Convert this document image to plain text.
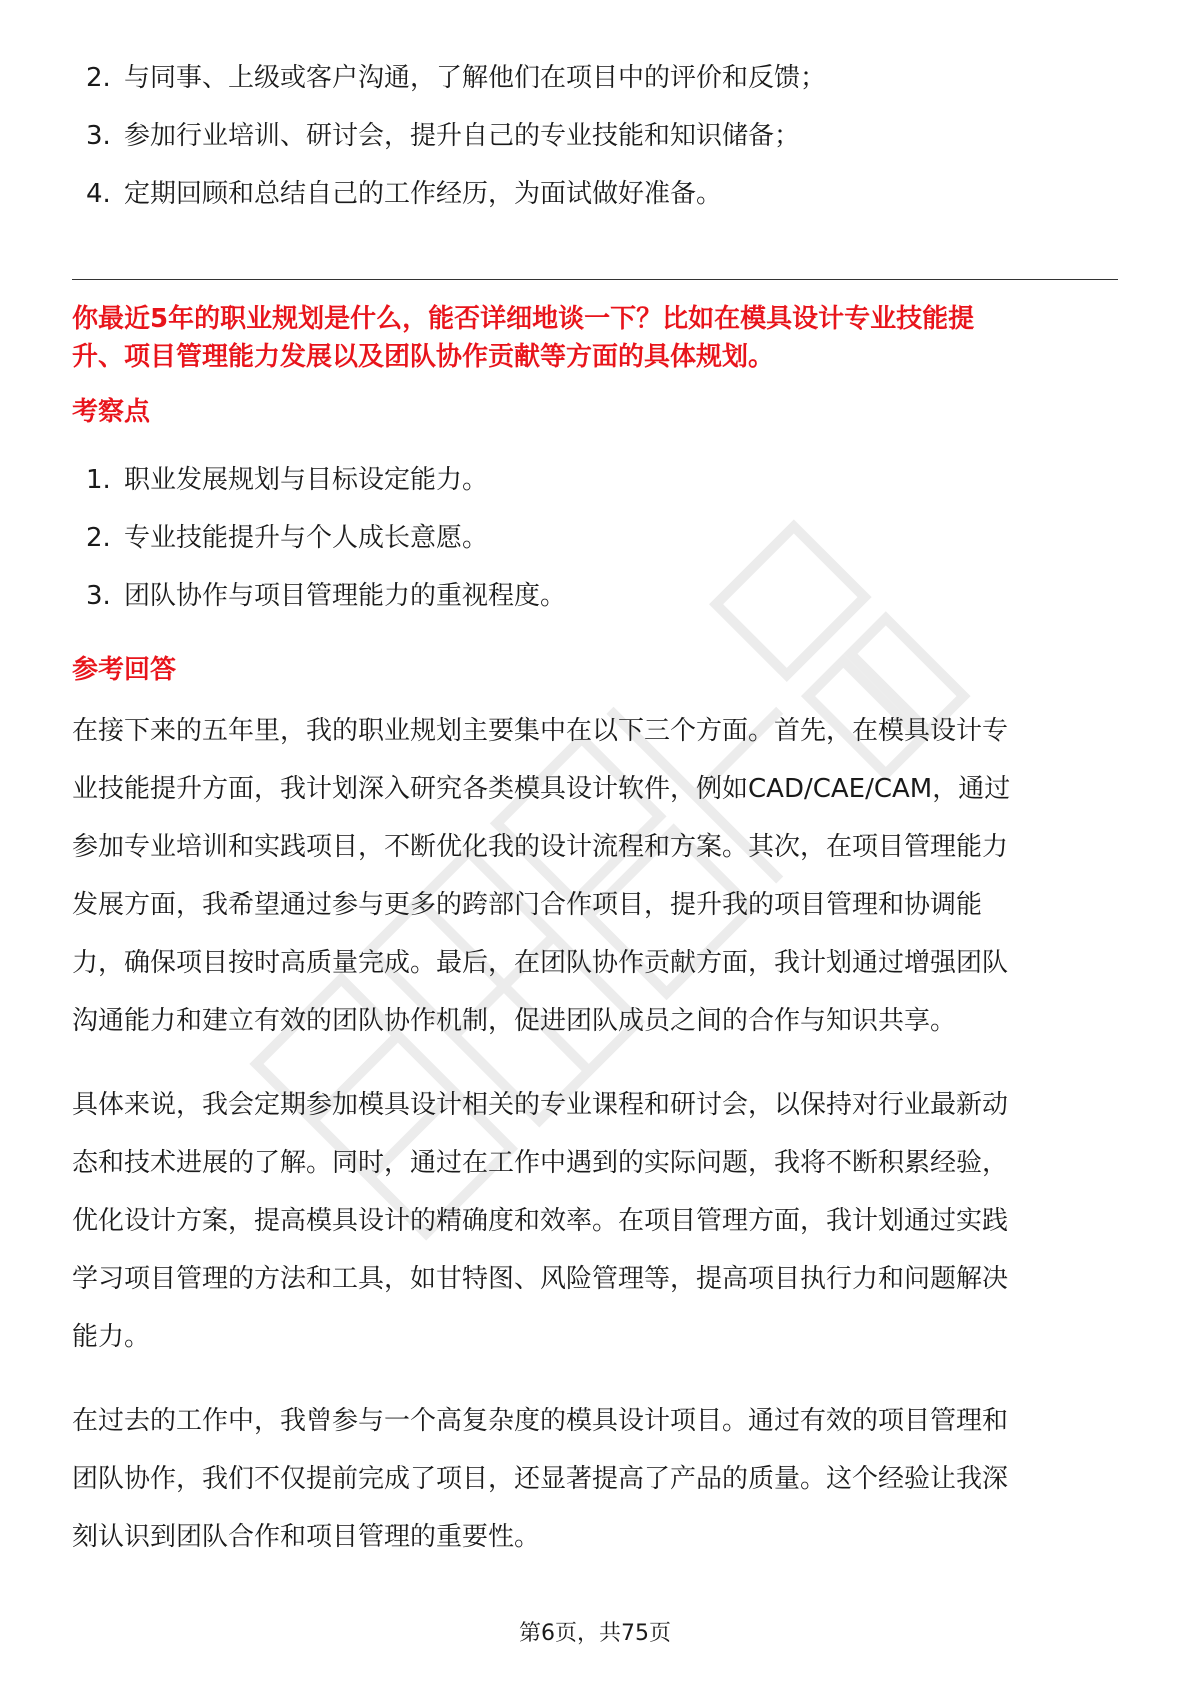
2. 与同事、上级或客户沟通，了解他们在项目中的评价和反馈；
3. 参加行业培训、研讨会，提升自己的专业技能和知识储备；
4. 定期回顾和总结自己的工作经历，为面试做好准备。

你最近5年的职业规划是什么，能否详细地谈一下？比如在模具设计专业技能提
升、项目管理能力发展以及团队协作贡献等方面的具体规划。

考察点
1. 职业发展规划与目标设定能力。
2. 专业技能提升与个人成长意愿。
3. 团队协作与项目管理能力的重视程度。
参考回答

在接下来的五年里，我的职业规划主要集中在以下三个方面。首先，在模具设计专
业技能提升方面，我计划深入研究各类模具设计软件，例如CAD/CAE/CAM，通过
参加专业培训和实践项目，不断优化我的设计流程和方案。其次，在项目管理能力
发展方面，我希望通过参与更多的跨部门合作项目，提升我的项目管理和协调能
力，确保项目按时高质量完成。最后，在团队协作贡献方面，我计划通过增强团队
沟通能力和建立有效的团队协作机制，促进团队成员之间的合作与知识共享。

具体来说，我会定期参加模具设计相关的专业课程和研讨会，以保持对行业最新动
态和技术进展的了解。同时，通过在工作中遇到的实际问题，我将不断积累经验，
优化设计方案，提高模具设计的精确度和效率。在项目管理方面，我计划通过实践
学习项目管理的方法和工具，如甘特图、风险管理等，提高项目执行力和问题解决
能力。

在过去的工作中，我曾参与一个高复杂度的模具设计项目。通过有效的项目管理和
团队协作，我们不仅提前完成了项目，还显著提高了产品的质量。这个经验让我深
刻认识到团队合作和项目管理的重要性。

第6页，共75页
